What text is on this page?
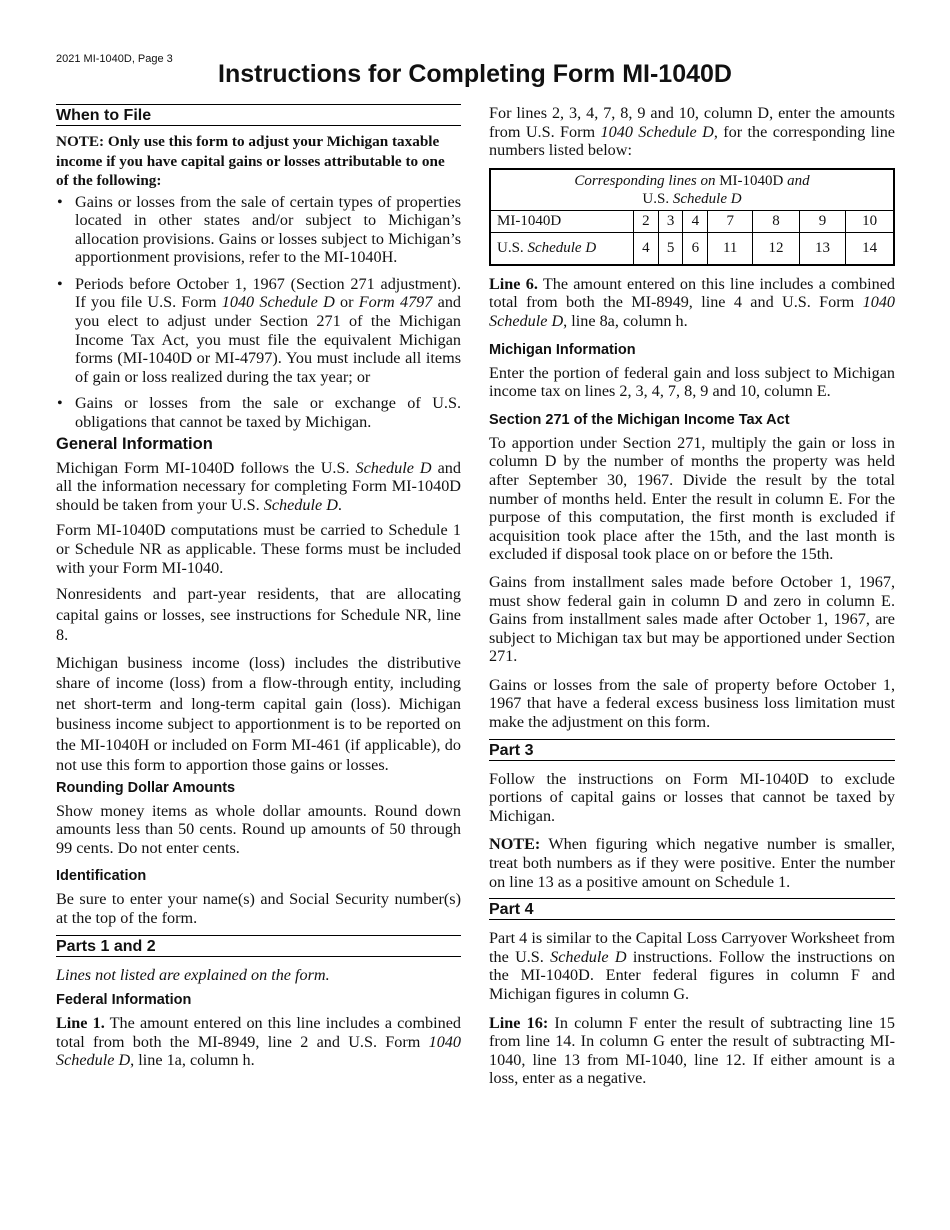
2021 MI-1040D, Page 3
Instructions for Completing Form MI-1040D
When to File

NOTE: Only use this form to adjust your Michigan taxable income if you have capital gains or losses attributable to one of the following:

• Gains or losses from the sale of certain types of properties located in other states and/or subject to Michigan’s allocation provisions. Gains or losses subject to Michigan’s apportionment provisions, refer to the MI-1040H.
• Periods before October 1, 1967 (Section 271 adjustment). If you file U.S. Form 1040 Schedule D or Form 4797 and you elect to adjust under Section 271 of the Michigan Income Tax Act, you must file the equivalent Michigan forms (MI-1040D or MI-4797). You must include all items of gain or loss realized during the tax year; or
• Gains or losses from the sale or exchange of U.S. obligations that cannot be taxed by Michigan.
General Information

Michigan Form MI-1040D follows the U.S. Schedule D and all the information necessary for completing Form MI-1040D should be taken from your U.S. Schedule D.

Form MI-1040D computations must be carried to Schedule 1 or Schedule NR as applicable. These forms must be included with your Form MI-1040.

Nonresidents and part-year residents, that are allocating capital gains or losses, see instructions for Schedule NR, line 8.

Michigan business income (loss) includes the distributive share of income (loss) from a flow-through entity, including net short-term and long-term capital gain (loss). Michigan business income subject to apportionment is to be reported on the MI-1040H or included on Form MI-461 (if applicable), do not use this form to apportion those gains or losses.

Rounding Dollar Amounts

Show money items as whole dollar amounts. Round down amounts less than 50 cents. Round up amounts of 50 through 99 cents. Do not enter cents.

Identification

Be sure to enter your name(s) and Social Security number(s) at the top of the form.

Parts 1 and 2

Lines not listed are explained on the form.

Federal Information

Line 1. The amount entered on this line includes a combined total from both the MI-8949, line 2 and U.S. Form 1040 Schedule D, line 1a, column h.

For lines 2, 3, 4, 7, 8, 9 and 10, column D, enter the amounts from U.S. Form 1040 Schedule D, for the corresponding line numbers listed below:

Corresponding lines on MI-1040D and
U.S. Schedule D							
MI-1040D	2	3	4	7	8	9	10
U.S. Schedule D	4	5	6	11	12	13	14

Line 6. The amount entered on this line includes a combined total from both the MI-8949, line 4 and U.S. Form 1040 Schedule D, line 8a, column h.

Michigan Information

Enter the portion of federal gain and loss subject to Michigan income tax on lines 2, 3, 4, 7, 8, 9 and 10, column E.

Section 271 of the Michigan Income Tax Act

To apportion under Section 271, multiply the gain or loss in column D by the number of months the property was held after September 30, 1967. Divide the result by the total number of months held. Enter the result in column E. For the purpose of this computation, the first month is excluded if acquisition took place after the 15th, and the last month is excluded if disposal took place on or before the 15th.

Gains from installment sales made before October 1, 1967, must show federal gain in column D and zero in column E. Gains from installment sales made after October 1, 1967, are subject to Michigan tax but may be apportioned under Section 271.

Gains or losses from the sale of property before October 1, 1967 that have a federal excess business loss limitation must make the adjustment on this form.

Part 3

Follow the instructions on Form MI-1040D to exclude portions of capital gains or losses that cannot be taxed by Michigan.

NOTE: When figuring which negative number is smaller, treat both numbers as if they were positive. Enter the number on line 13 as a positive amount on Schedule 1.

Part 4

Part 4 is similar to the Capital Loss Carryover Worksheet from the U.S. Schedule D instructions. Follow the instructions on the MI-1040D. Enter federal figures in column F and Michigan figures in column G.

Line 16: In column F enter the result of subtracting line 15 from line 14. In column G enter the result of subtracting MI-1040, line 13 from MI-1040, line 12. If either amount is a loss, enter as a negative.
